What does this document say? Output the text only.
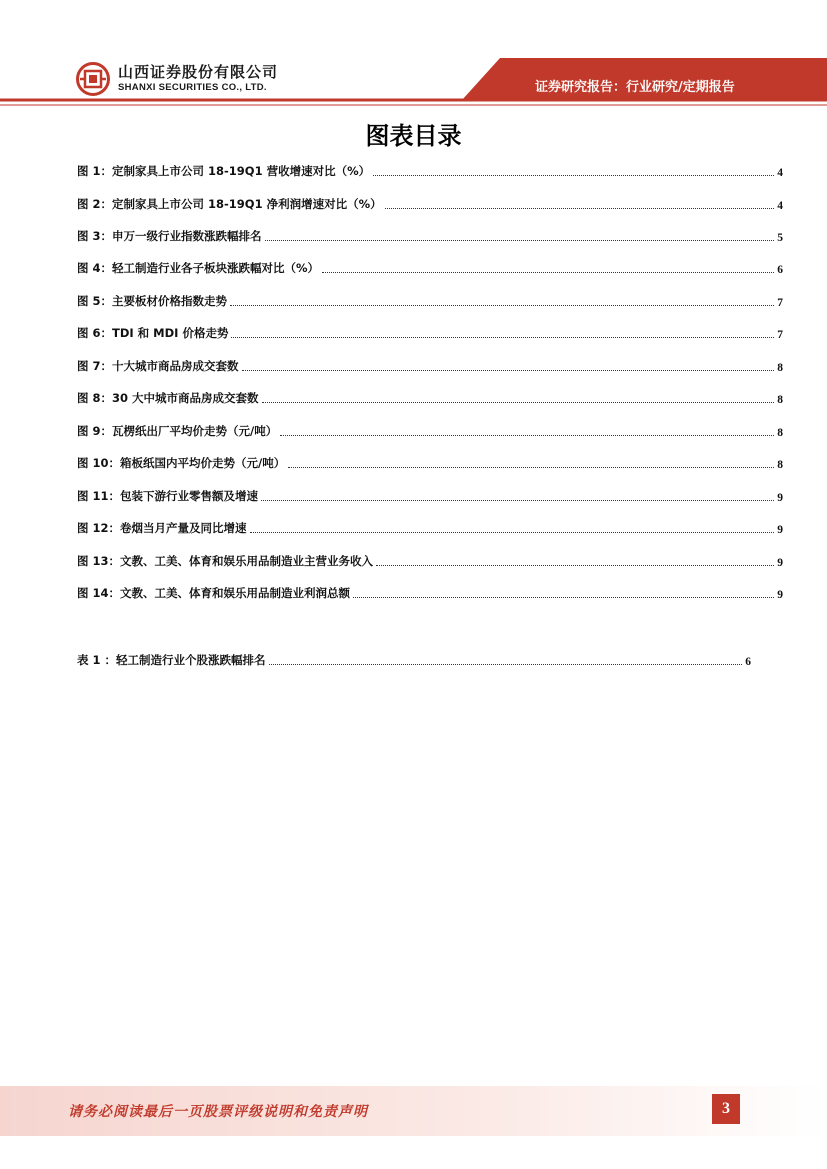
山西证券股份有限公司
SHANXI SECURITIES CO., LTD.	证券研究报告：行业研究/定期报告
图表目录
图 1：定制家具上市公司 18-19Q1 营收增速对比（%）	4
图 2：定制家具上市公司 18-19Q1 净利润增速对比（%）	4
图 3：申万一级行业指数涨跌幅排名	5
图 4：轻工制造行业各子板块涨跌幅对比（%）	6
图 5：主要板材价格指数走势	7
图 6：TDI 和 MDI 价格走势	7
图 7：十大城市商品房成交套数	8
图 8：30 大中城市商品房成交套数	8
图 9：瓦楞纸出厂平均价走势（元/吨）	8
图 10：箱板纸国内平均价走势（元/吨）	8
图 11：包装下游行业零售额及增速	9
图 12：卷烟当月产量及同比增速	9
图 13：文教、工美、体育和娱乐用品制造业主营业务收入	9
图 14：文教、工美、体育和娱乐用品制造业利润总额	9
表 1 ：轻工制造行业个股涨跌幅排名	6
请务必阅读最后一页股票评级说明和免责声明	3
